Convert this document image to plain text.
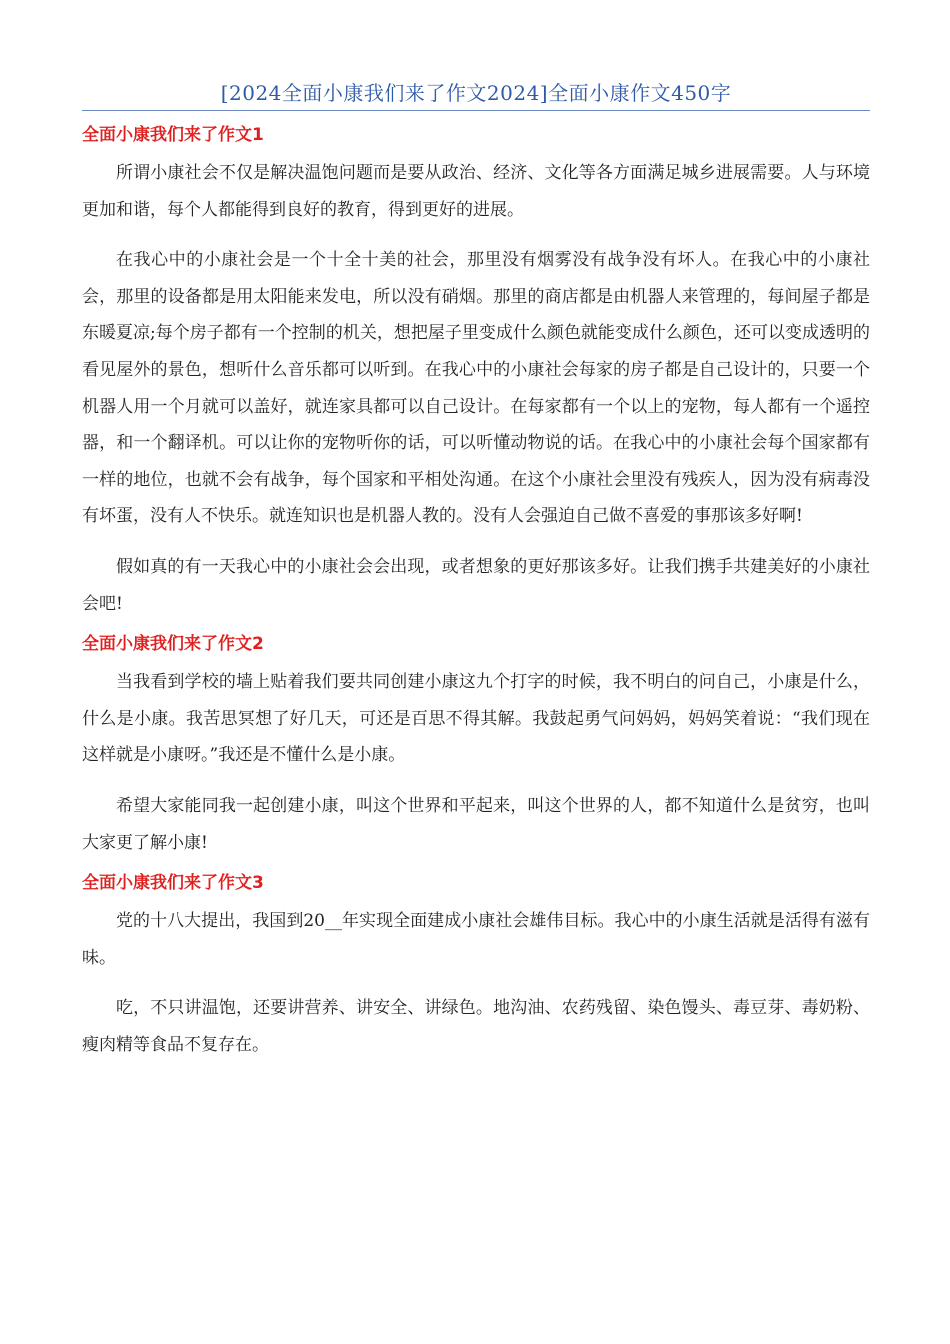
[2024全面小康我们来了作文2024]全面小康作文450字
全面小康我们来了作文1

所谓小康社会不仅是解决温饱问题而是要从政治、经济、文化等各方面满足城乡进展需要。人与环境更加和谐，每个人都能得到良好的教育，得到更好的进展。

在我心中的小康社会是一个十全十美的社会，那里没有烟雾没有战争没有坏人。在我心中的小康社会，那里的设备都是用太阳能来发电，所以没有硝烟。那里的商店都是由机器人来管理的，每间屋子都是东暖夏凉;每个房子都有一个控制的机关，想把屋子里变成什么颜色就能变成什么颜色，还可以变成透明的看见屋外的景色，想听什么音乐都可以听到。在我心中的小康社会每家的房子都是自己设计的，只要一个机器人用一个月就可以盖好，就连家具都可以自己设计。在每家都有一个以上的宠物，每人都有一个遥控器，和一个翻译机。可以让你的宠物听你的话，可以听懂动物说的话。在我心中的小康社会每个国家都有一样的地位，也就不会有战争，每个国家和平相处沟通。在这个小康社会里没有残疾人，因为没有病毒没有坏蛋，没有人不快乐。就连知识也是机器人教的。没有人会强迫自己做不喜爱的事那该多好啊!

假如真的有一天我心中的小康社会会出现，或者想象的更好那该多好。让我们携手共建美好的小康社会吧!

全面小康我们来了作文2

当我看到学校的墙上贴着我们要共同创建小康这九个打字的时候，我不明白的问自己，小康是什么，什么是小康。我苦思冥想了好几天，可还是百思不得其解。我鼓起勇气问妈妈，妈妈笑着说：“我们现在这样就是小康呀。”我还是不懂什么是小康。

希望大家能同我一起创建小康，叫这个世界和平起来，叫这个世界的人，都不知道什么是贫穷，也叫大家更了解小康!

全面小康我们来了作文3

党的十八大提出，我国到20__年实现全面建成小康社会雄伟目标。我心中的小康生活就是活得有滋有味。

吃，不只讲温饱，还要讲营养、讲安全、讲绿色。地沟油、农药残留、染色馒头、毒豆芽、毒奶粉、瘦肉精等食品不复存在。
